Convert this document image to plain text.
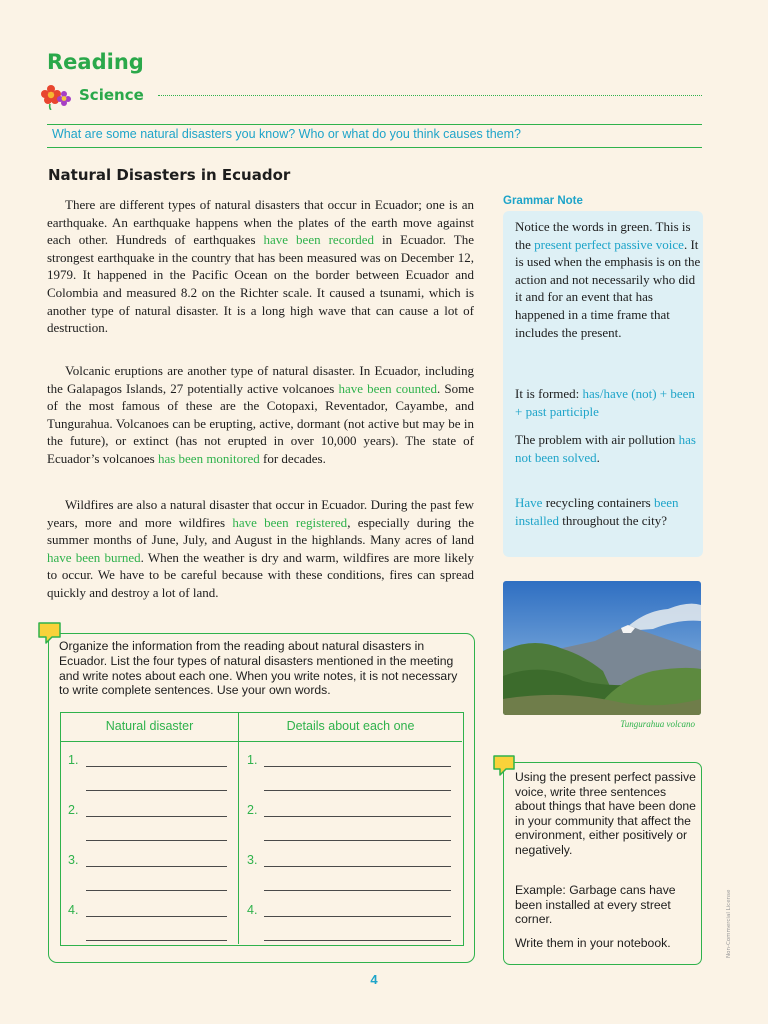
Reading
Science
What are some natural disasters you know? Who or what do you think causes them?
Natural Disasters in Ecuador
There are different types of natural disasters that occur in Ecuador; one is an earthquake. An earthquake happens when the plates of the earth move against each other. Hundreds of earthquakes have been recorded in Ecuador. The strongest earthquake in the country that has been measured was on December 12, 1979. It happened in the Pacific Ocean on the border between Ecuador and Colombia and measured 8.2 on the Richter scale. It caused a tsunami, which is another type of natural disaster. It is a long high wave that can cause a lot of destruction.
Volcanic eruptions are another type of natural disaster. In Ecuador, including the Galapagos Islands, 27 potentially active volcanoes have been counted. Some of the most famous of these are the Cotopaxi, Reventador, Cayambe, and Tungurahua. Volcanoes can be erupting, active, dormant (not active but may be in the future), or extinct (has not erupted in over 10,000 years). The state of Ecuador’s volcanoes has been monitored for decades.
Wildfires are also a natural disaster that occur in Ecuador. During the past few years, more and more wildfires have been registered, especially during the summer months of June, July, and August in the highlands. Many acres of land have been burned. When the weather is dry and warm, wildfires are more likely to occur. We have to be careful because with these conditions, fires can spread quickly and destroy a lot of land.
Grammar Note
Notice the words in green. This is the present perfect passive voice. It is used when the emphasis is on the action and not necessarily who did it and for an event that has happened in a time frame that includes the present.
It is formed: has/have (not) + been + past participle
The problem with air pollution has not been solved.
Have recycling containers been installed throughout the city?
Tungurahua volcano
Organize the information from the reading about natural disasters in Ecuador. List the four types of natural disasters mentioned in the meeting and write notes about each one. When you write notes, it is not necessary to write complete sentences. Use your own words.
Natural disaster	Details about each one
1.
2.
3.
4.
1.
2.
3.
4.
Using the present perfect passive voice, write three sentences about things that have been done in your community that affect the environment, either positively or negatively.
Example: Garbage cans have been installed at every street corner.
Write them in your notebook.
4
Non-Commercial License
